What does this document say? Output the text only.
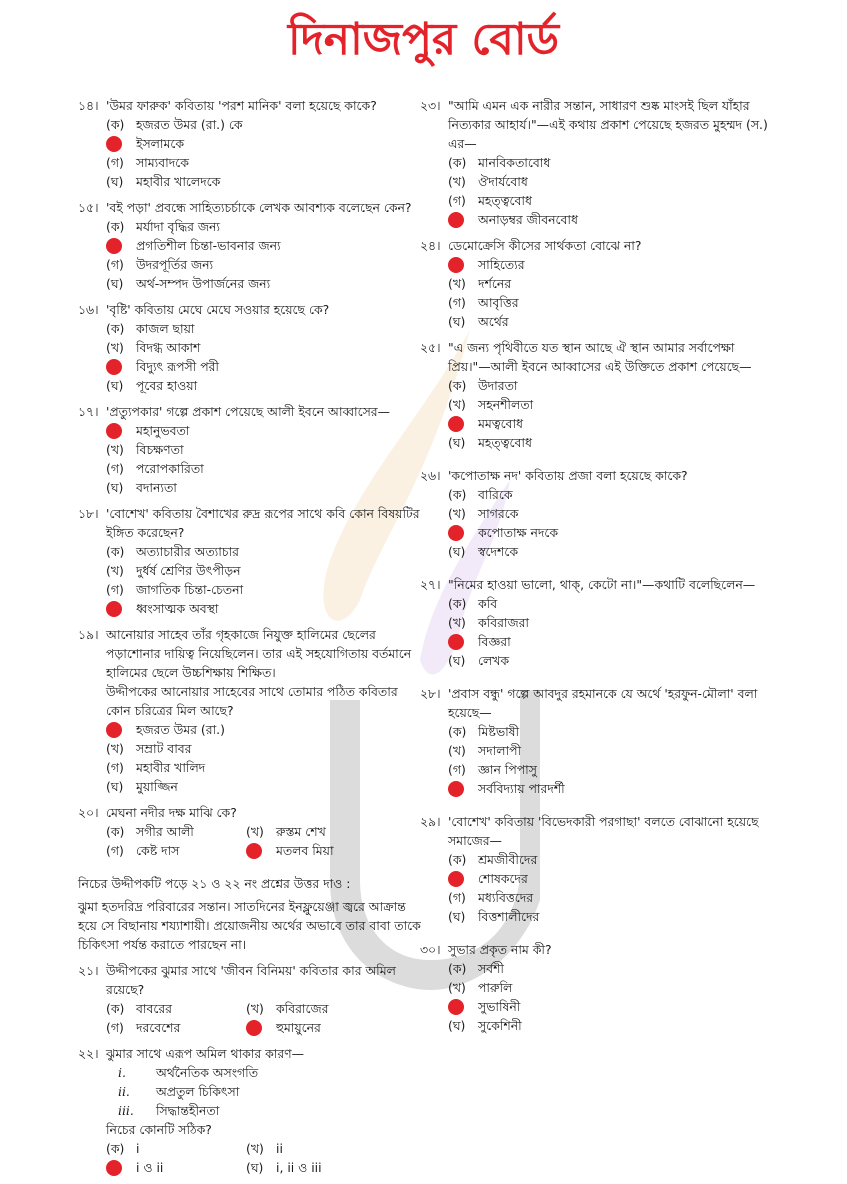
দিনাজপুর বোর্ড
১৪। 'উমর ফারুক' কবিতায় 'পরশ মানিক' বলা হয়েছে কাকে?
(ক) হজরত উমর (রা.) কে
ইসলামকে
(গ) সাম্যবাদকে
(ঘ)	মহাবীর খালেদকে
১৫। 'বই পড়া' প্রবন্ধে সাহিত্যচর্চাকে লেখক আবশ্যক বলেছেন কেন?
(ক) মর্যাদা বৃদ্ধির জন্য
প্রগতিশীল চিন্তা-ভাবনার জন্য
(গ) উদরপূর্তির জন্য
(ঘ)	অর্থ-সম্পদ উপার্জনের জন্য
১৬। 'বৃষ্টি' কবিতায় মেঘে মেঘে সওয়ার হয়েছে কে?
(ক) কাজল ছায়া
(খ) বিদগ্ধ আকাশ
বিদ্যুৎ রূপসী পরী
(ঘ)	পূবের হাওয়া
১৭। 'প্রত্যুপকার' গল্পে প্রকাশ পেয়েছে আলী ইবনে আব্বাসের—
মহানুভবতা
(খ) বিচক্ষণতা
(গ) পরোপকারিতা
(ঘ)	বদান্যতা
১৮। 'বোশেখ' কবিতায় বৈশাখের রুদ্র রূপের সাথে কবি কোন বিষয়টির ইঙ্গিত করেছেন?
(ক) অত্যাচারীর অত্যাচার
(খ) দুর্ধর্ষ শ্রেণির উৎপীড়ন
(গ) জাগতিক চিন্তা-চেতনা
ধ্বংসাত্মক অবস্থা
১৯। আনোয়ার সাহেব তাঁর গৃহকাজে নিযুক্ত হালিমের ছেলের পড়াশোনার দায়িত্ব নিয়েছিলেন। তার এই সহযোগিতায় বর্তমানে হালিমের ছেলে উচ্চশিক্ষায় শিক্ষিত।
উদ্দীপকের আনোয়ার সাহেবের সাথে তোমার পঠিত কবিতার কোন চরিত্রের মিল আছে?
হজরত উমর (রা.)
(খ) সম্রাট বাবর
(গ) মহাবীর খালিদ
(ঘ)	মুয়াজ্জিন
২০। মেঘনা নদীর দক্ষ মাঝি কে?
(ক) সগীর আলী	(খ) রুস্তম শেখ
(গ) কেষ্ট দাস	মতলব মিয়া
নিচের উদ্দীপকটি পড়ে ২১ ও ২২ নং প্রশ্নের উত্তর দাও :
ঝুমা হতদরিদ্র পরিবারের সন্তান। সাতদিনের ইনফ্লুয়েঞ্জা জ্বরে আক্রান্ত হয়ে সে বিছানায় শয্যাশায়ী। প্রয়োজনীয় অর্থের অভাবে তার বাবা তাকে চিকিৎসা পর্যন্ত করাতে পারছেন না।
২১। উদ্দীপকের ঝুমার সাথে 'জীবন বিনিময়' কবিতার কার অমিল রয়েছে?
(ক) বাবরের	(খ) কবিরাজের
(গ) দরবেশের	হুমায়ুনের
২২। ঝুমার সাথে এরূপ অমিল থাকার কারণ—
i.	অর্থনৈতিক অসংগতি
ii.	অপ্রতুল চিকিৎসা
iii.	সিদ্ধান্তহীনতা
নিচের কোনটি সঠিক?
(ক) i	(খ) ii
i ও ii	(ঘ)	i, ii ও iii
২৩। "আমি এমন এক নারীর সন্তান, সাধারণ শুষ্ক মাংসই ছিল যাঁহার নিত্যকার আহার্য।"—এই কথায় প্রকাশ পেয়েছে হজরত মুহম্মদ (স.) এর—
(ক) মানবিকতাবোধ
(খ) ঔদার্যবোধ
(গ) মহত্ত্ববোধ
অনাড়ম্বর জীবনবোধ
২৪। ডেমোক্রেসি কীসের সার্থকতা বোঝে না?
সাহিত্যের
(খ) দর্শনের
(গ) আবৃত্তির
(ঘ)	অর্থের
২৫। "এ জন্য পৃথিবীতে যত স্থান আছে ঐ স্থান আমার সর্বাপেক্ষা প্রিয়।"—আলী ইবনে আব্বাসের এই উক্তিতে প্রকাশ পেয়েছে—
(ক) উদারতা
(খ) সহনশীলতা
মমত্ববোধ
(ঘ)	মহত্ত্ববোধ
২৬। 'কপোতাক্ষ নদ' কবিতায় প্রজা বলা হয়েছে কাকে?
(ক) বারিকে
(খ) সাগরকে
কপোতাক্ষ নদকে
(ঘ)	স্বদেশকে
২৭। "নিমের হাওয়া ভালো, থাক্‌, কেটো না।"—কথাটি বলেছিলেন—
(ক) কবি
(খ) কবিরাজরা
বিজ্ঞরা
(ঘ)	লেখক
২৮। 'প্রবাস বন্ধু' গল্পে আবদুর রহমানকে যে অর্থে 'হরফুন-মৌলা' বলা হয়েছে—
(ক) মিষ্টভাষী
(খ) সদালাপী
(গ) জ্ঞান পিপাসু
সর্ববিদ্যায় পারদর্শী
২৯। 'বোশেখ' কবিতায় 'বিভেদকারী পরগাছা' বলতে বোঝানো হয়েছে সমাজের—
(ক) শ্রমজীবীদের
শোষকদের
(গ) মধ্যবিত্তদের
(ঘ)	বিত্তশালীদের
৩০। সুভার প্রকৃত নাম কী?
(ক) সর্বশী
(খ) পারুলি
সুভাষিনী
(ঘ)	সুকেশিনী
